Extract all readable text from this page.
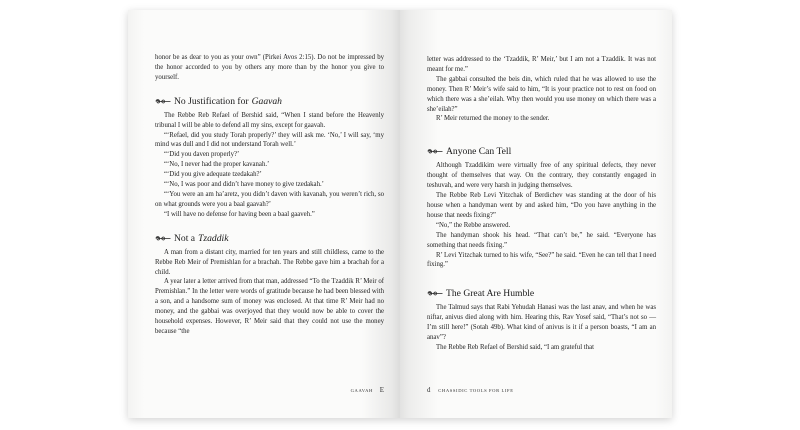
honor be as dear to you as your own” (Pirkei Avos 2:15). Do not be impressed by the honor accorded to you by others any more than by the honor you give to yourself.

No Justification for Gaavah

The Rebbe Reb Refael of Bershid said, “When I stand before the Heavenly tribunal I will be able to defend all my sins, except for gaavah.

“‘Refael, did you study Torah properly?’ they will ask me. ‘No,’ I will say, ‘my mind was dull and I did not understand Torah well.’

“‘Did you daven properly?’

“‘No, I never had the proper kavanah.’

“‘Did you give adequate tzedakah?’

“‘No, I was poor and didn’t have money to give tzedakah.’

“‘You were an am ha’aretz, you didn’t daven with kavanah, you weren’t rich, so on what grounds were you a baal gaavah?’

“I will have no defense for having been a baal gaaveh.”

Not a Tzaddik

A man from a distant city, married for ten years and still childless, came to the Rebbe Reb Meir of Premishlan for a brachah. The Rebbe gave him a brachah for a child.

A year later a letter arrived from that man, addressed “To the Tzaddik R’ Meir of Premishlan.” In the letter were words of gratitude because he had been blessed with a son, and a handsome sum of money was enclosed. At that time R’ Meir had no money, and the gabbai was overjoyed that they would now be able to cover the household expenses. However, R’ Meir said that they could not use the money because “the

GAAVAH E

letter was addressed to the ‘Tzaddik, R’ Meir,’ but I am not a Tzaddik. It was not meant for me.”

The gabbai consulted the beis din, which ruled that he was allowed to use the money. Then R’ Meir’s wife said to him, “It is your practice not to rest on food on which there was a she’eilah. Why then would you use money on which there was a she’eilah?”

R’ Meir returned the money to the sender.

Anyone Can Tell

Although Tzaddikim were virtually free of any spiritual defects, they never thought of themselves that way. On the contrary, they constantly engaged in teshuvah, and were very harsh in judging themselves.

The Rebbe Reb Levi Yitzchak of Berdichev was standing at the door of his house when a handyman went by and asked him, “Do you have anything in the house that needs fixing?”

“No,” the Rebbe answered.

The handyman shook his head. “That can’t be,” he said. “Everyone has something that needs fixing.”

R’ Levi Yitzchak turned to his wife, “See?” he said. “Even he can tell that I need fixing.”

The Great Are Humble

The Talmud says that Rabi Yehudah Hanasi was the last anav, and when he was niftar, anivus died along with him. Hearing this, Rav Yosef said, “That’s not so — I’m still here!” (Sotah 49b). What kind of anivus is it if a person boasts, “I am an anav”?

The Rebbe Reb Refael of Bershid said, “I am grateful that

d CHASSIDIC TOOLS FOR LIFE
